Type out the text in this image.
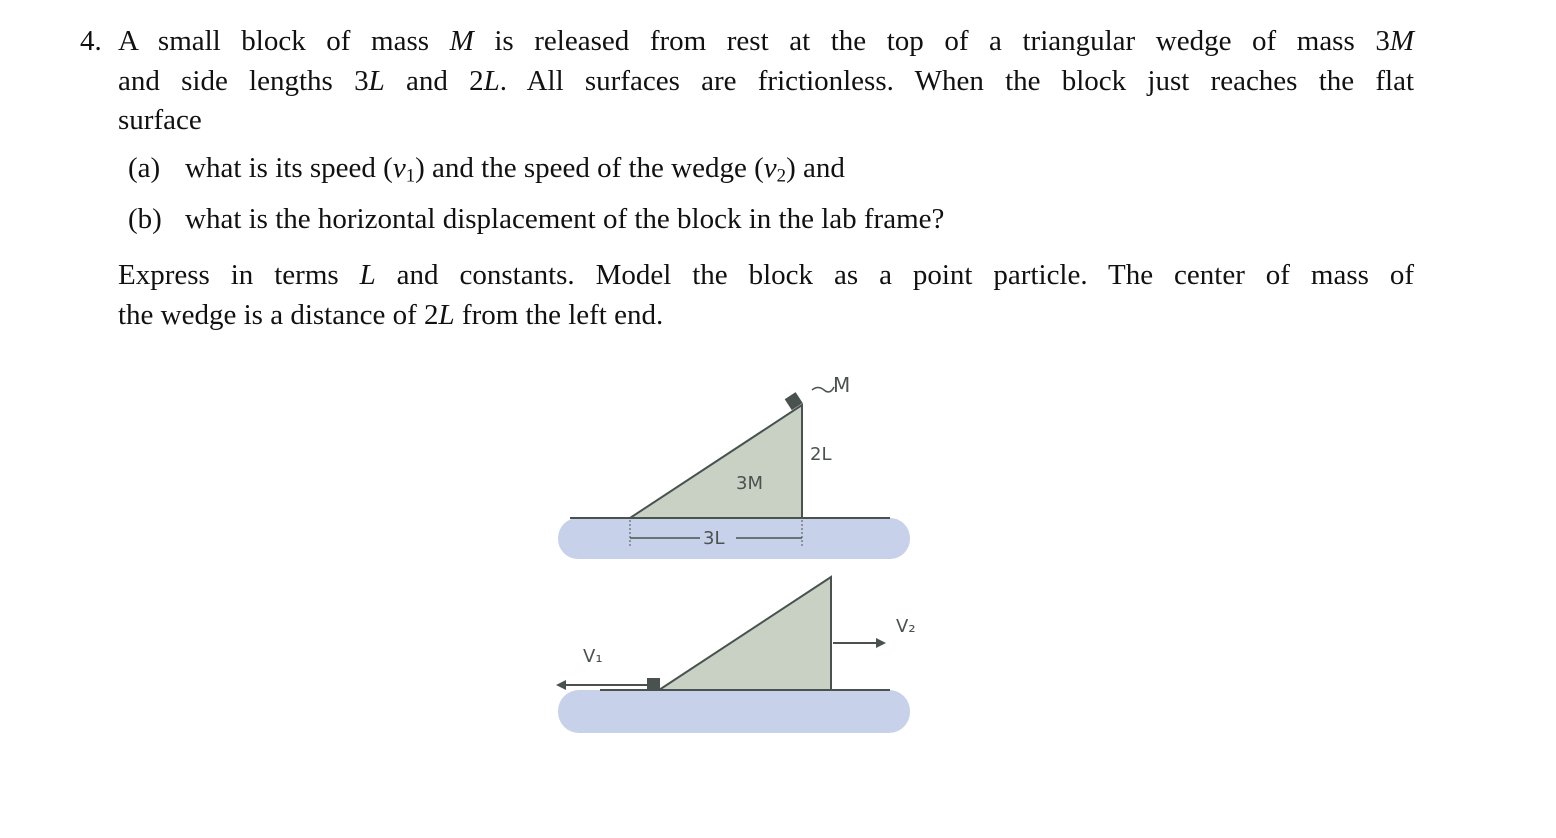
4. A small block of mass M is released from rest at the top of a triangular wedge of mass 3M
and side lengths 3L and 2L. All surfaces are frictionless. When the block just reaches the flat
surface
(a) what is its speed $(v_1)$ and the speed of the wedge $(v_2)$ and
(b) what is the horizontal displacement of the block in the lab frame?
Express in terms L and constants. Model the block as a point particle. The center of mass of
the wedge is a distance of 2L from the left end.
M
2L
3M
3L
V₁
V₂
